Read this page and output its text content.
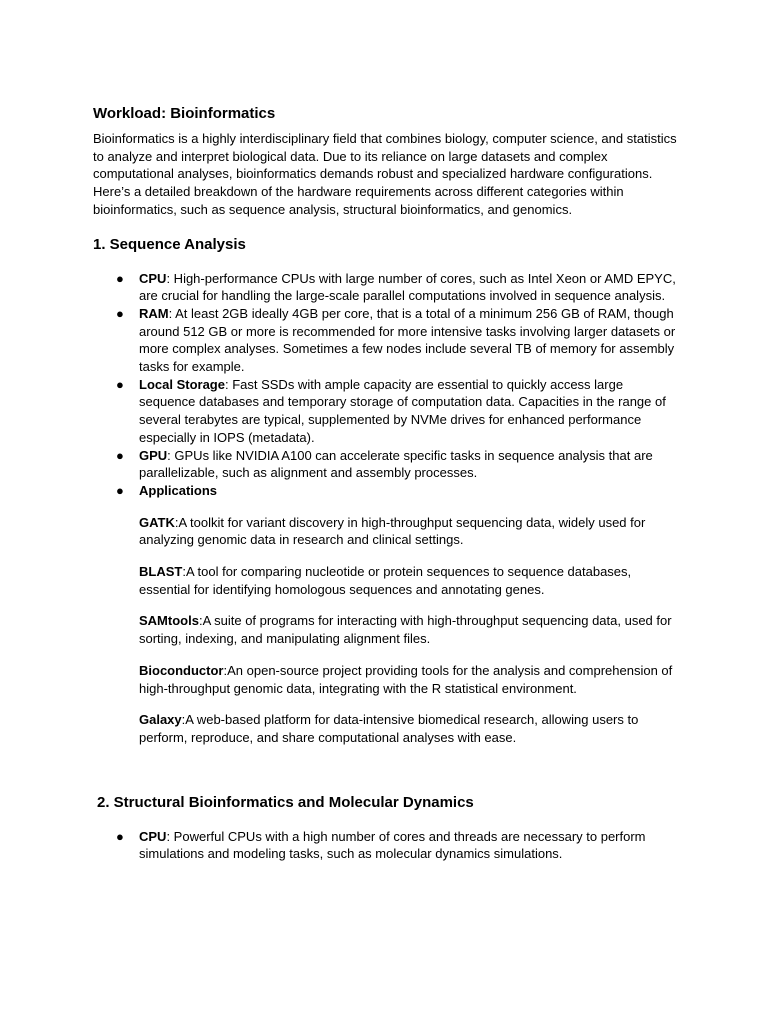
Workload: Bioinformatics

Bioinformatics is a highly interdisciplinary field that combines biology, computer science, and statistics to analyze and interpret biological data. Due to its reliance on large datasets and complex computational analyses, bioinformatics demands robust and specialized hardware configurations. Here’s a detailed breakdown of the hardware requirements across different categories within bioinformatics, such as sequence analysis, structural bioinformatics, and genomics.

1. Sequence Analysis
● CPU: High-performance CPUs with large number of cores, such as Intel Xeon or AMD EPYC, are crucial for handling the large-scale parallel computations involved in sequence analysis.
● RAM: At least 2GB ideally 4GB per core, that is a total of a minimum 256 GB of RAM, though around 512 GB or more is recommended for more intensive tasks involving larger datasets or more complex analyses. Sometimes a few nodes include several TB of memory for assembly tasks for example.
● Local Storage: Fast SSDs with ample capacity are essential to quickly access large sequence databases and temporary storage of computation data. Capacities in the range of several terabytes are typical, supplemented by NVMe drives for enhanced performance especially in IOPS (metadata).
● GPU: GPUs like NVIDIA A100 can accelerate specific tasks in sequence analysis that are parallelizable, such as alignment and assembly processes.
● Applications

GATK:A toolkit for variant discovery in high-throughput sequencing data, widely used for analyzing genomic data in research and clinical settings.

BLAST:A tool for comparing nucleotide or protein sequences to sequence databases, essential for identifying homologous sequences and annotating genes.

SAMtools:A suite of programs for interacting with high-throughput sequencing data, used for sorting, indexing, and manipulating alignment files.

Bioconductor:An open-source project providing tools for the analysis and comprehension of high-throughput genomic data, integrating with the R statistical environment.

Galaxy:A web-based platform for data-intensive biomedical research, allowing users to perform, reproduce, and share computational analyses with ease.

2. Structural Bioinformatics and Molecular Dynamics
● CPU: Powerful CPUs with a high number of cores and threads are necessary to perform simulations and modeling tasks, such as molecular dynamics simulations.
